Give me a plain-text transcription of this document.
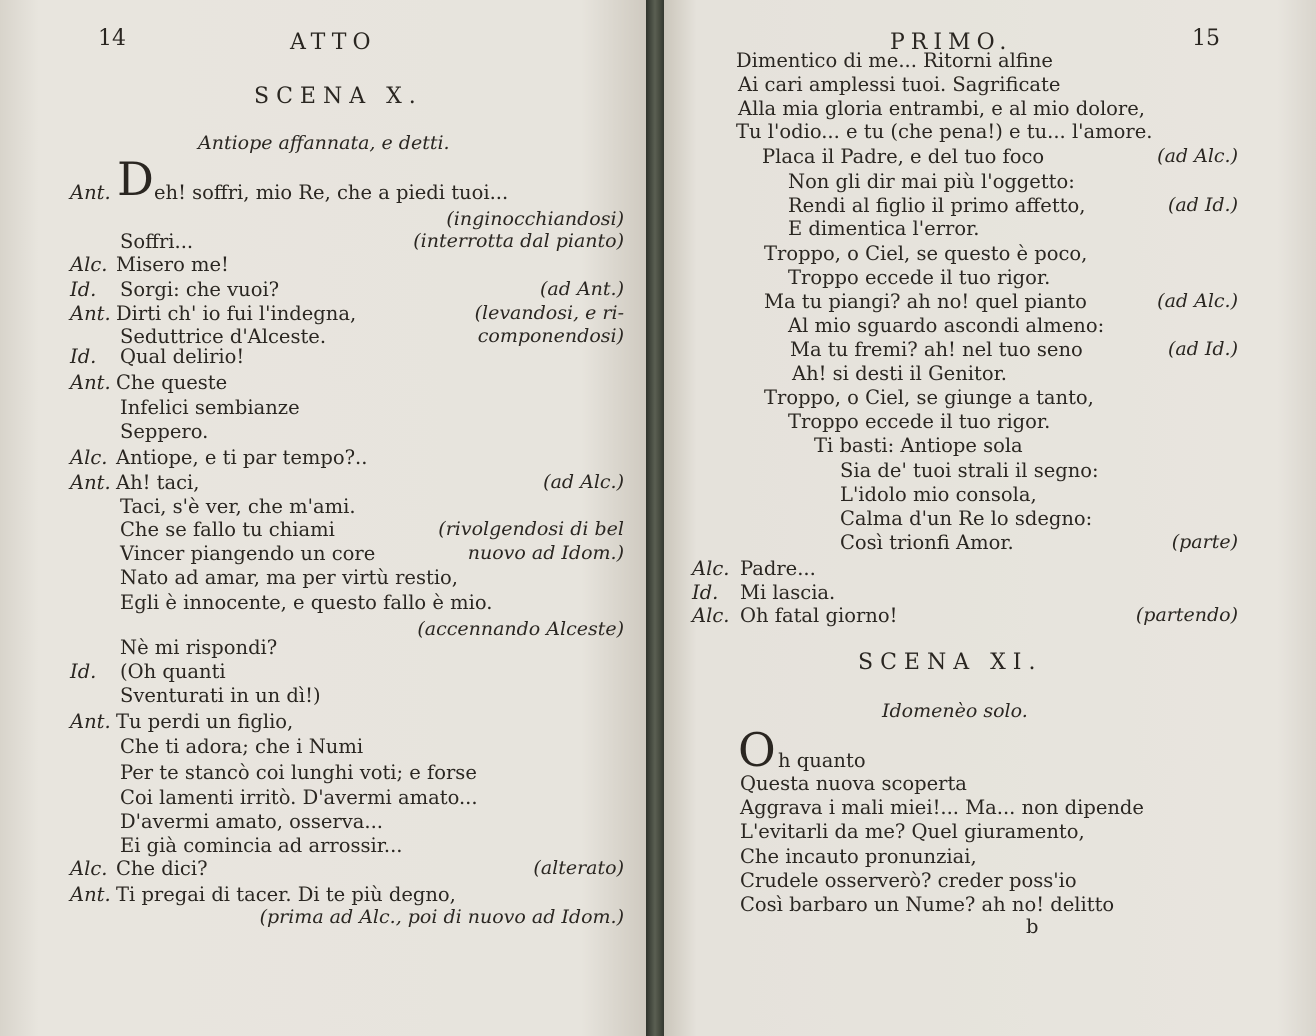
14	ATTO
SCENA X.
Antiope affannata, e detti.
D
Ant. eh! soffri, mio Re, che a piedi tuoi...
(inginocchiandosi)
Soffri...	(interrotta dal pianto)
Alc. Misero me!
Id. Sorgi: che vuoi?	(ad Ant.)
Ant. Dirti ch' io fui l'indegna,	(levandosi, e ri-
Seduttrice d'Alceste.	componendosi)
Id. Qual delirio!
Ant. Che queste
Infelici sembianze
Seppero.
Alc. Antiope, e ti par tempo?..
Ant. Ah! taci,	(ad Alc.)
Taci, s'è ver, che m'ami.
Che se fallo tu chiami	(rivolgendosi di bel
Vincer piangendo un core	nuovo ad Idom.)
Nato ad amar, ma per virtù restio,
Egli è innocente, e questo fallo è mio.
(accennando Alceste)
Nè mi rispondi?
Id. (Oh quanti
Sventurati in un dì!)
Ant. Tu perdi un figlio,
Che ti adora; che i Numi
Per te stancò coi lunghi voti; e forse
Coi lamenti irritò. D'avermi amato...
D'avermi amato, osserva...
Ei già comincia ad arrossir...
Alc. Che dici?	(alterato)
Ant. Ti pregai di tacer. Di te più degno,
(prima ad Alc., poi di nuovo ad Idom.)
PRIMO.	15
Dimentico di me... Ritorni alfine
Ai cari amplessi tuoi. Sagrificate
Alla mia gloria entrambi, e al mio dolore,
Tu l'odio... e tu (che pena!) e tu... l'amore.
Placa il Padre, e del tuo foco	(ad Alc.)
Non gli dir mai più l'oggetto:
Rendi al figlio il primo affetto,	(ad Id.)
E dimentica l'error.
Troppo, o Ciel, se questo è poco,
Troppo eccede il tuo rigor.
Ma tu piangi? ah no! quel pianto	(ad Alc.)
Al mio sguardo ascondi almeno:
Ma tu fremi? ah! nel tuo seno	(ad Id.)
Ah! si desti il Genitor.
Troppo, o Ciel, se giunge a tanto,
Troppo eccede il tuo rigor.
Ti basti: Antiope sola
Sia de' tuoi strali il segno:
L'idolo mio consola,
Calma d'un Re lo sdegno:
Così trionfi Amor.	(parte)
Alc. Padre...
Id. Mi lascia.
Alc. Oh fatal giorno!	(partendo)
SCENA XI.
Idomenèo solo.
O h quanto
Questa nuova scoperta
Aggrava i mali miei!... Ma... non dipende
L'evitarli da me? Quel giuramento,
Che incauto pronunziai,
Crudele osserverò? creder poss'io
Così barbaro un Nume? ah no! delitto
b
